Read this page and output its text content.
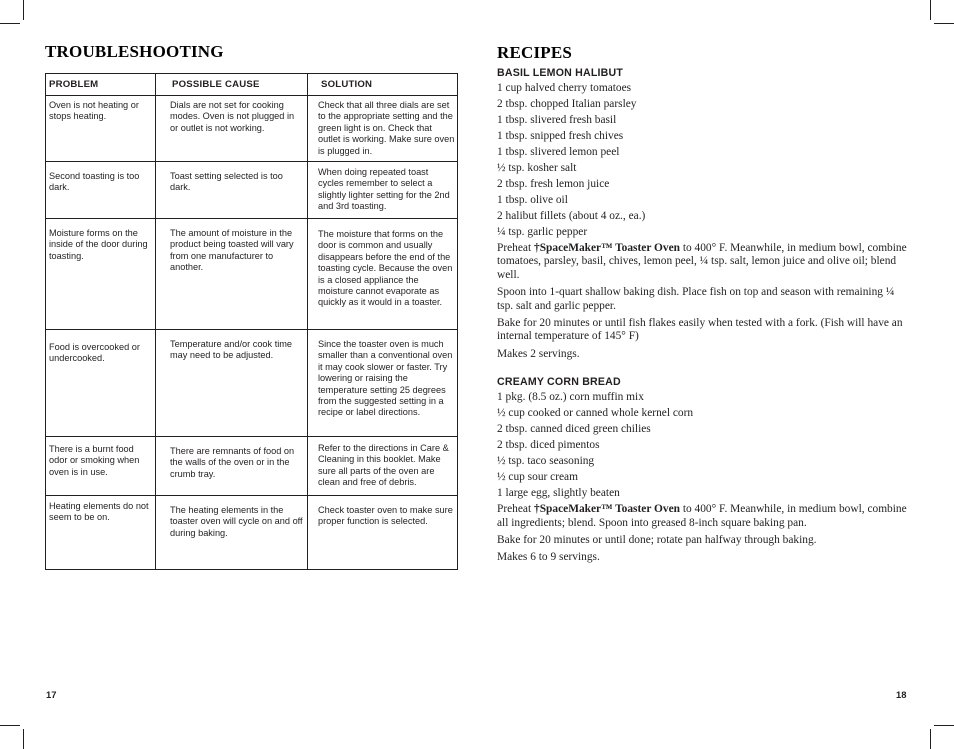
TROUBLESHOOTING
PROBLEM	POSSIBLE CAUSE	SOLUTION
Oven is not heating or stops heating.	Dials are not set for cooking modes. Oven is not plugged in or outlet is not working.	Check that all three dials are set to the appropriate setting and the green light is on. Check that outlet is working. Make sure oven is plugged in.
Second toasting is too dark.	Toast setting selected is too dark.	When doing repeated toast cycles remember to select a slightly lighter setting for the 2nd and 3rd toasting.
Moisture forms on the inside of the door during toasting.	The amount of moisture in the product being toasted will vary from one manufacturer to another.	The moisture that forms on the door is common and usually disappears before the end of the toasting cycle. Because the oven is a closed appliance the moisture cannot evaporate as quickly as it would in a toaster.
Food is overcooked or undercooked.	Temperature and/or cook time may need to be adjusted.	Since the toaster oven is much smaller than a conventional oven it may cook slower or faster. Try lowering or raising the temperature setting 25 degrees from the suggested setting in a recipe or label directions.
There is a burnt food odor or smoking when oven is in use.	There are remnants of food on the walls of the oven or in the crumb tray.	Refer to the directions in Care & Cleaning in this booklet. Make sure all parts of the oven are clean and free of debris.
Heating elements do not seem to be on.	The heating elements in the toaster oven will cycle on and off during baking.	Check toaster oven to make sure proper function is selected.
17
RECIPES
BASIL LEMON HALIBUT

1 cup halved cherry tomatoes

2 tbsp. chopped Italian parsley

1 tbsp. slivered fresh basil

1 tbsp. snipped fresh chives

1 tbsp. slivered lemon peel

½ tsp. kosher salt

2 tbsp. fresh lemon juice

1 tbsp. olive oil

2 halibut fillets (about 4 oz., ea.)

¼ tsp. garlic pepper

Preheat †SpaceMaker™ Toaster Oven to 400° F. Meanwhile, in medium bowl, combine tomatoes, parsley, basil, chives, lemon peel, ¼ tsp. salt, lemon juice and olive oil; blend well.

Spoon into 1-quart shallow baking dish. Place fish on top and season with remaining ¼ tsp. salt and garlic pepper.

Bake for 20 minutes or until fish flakes easily when tested with a fork. (Fish will have an internal temperature of 145° F)

Makes 2 servings.

CREAMY CORN BREAD

1 pkg. (8.5 oz.) corn muffin mix

½ cup cooked or canned whole kernel corn

2 tbsp. canned diced green chilies

2 tbsp. diced pimentos

½ tsp. taco seasoning

½ cup sour cream

1 large egg, slightly beaten

Preheat †SpaceMaker™ Toaster Oven to 400° F. Meanwhile, in medium bowl, combine all ingredients; blend. Spoon into greased 8-inch square baking pan.

Bake for 20 minutes or until done; rotate pan halfway through baking.

Makes 6 to 9 servings.

18
